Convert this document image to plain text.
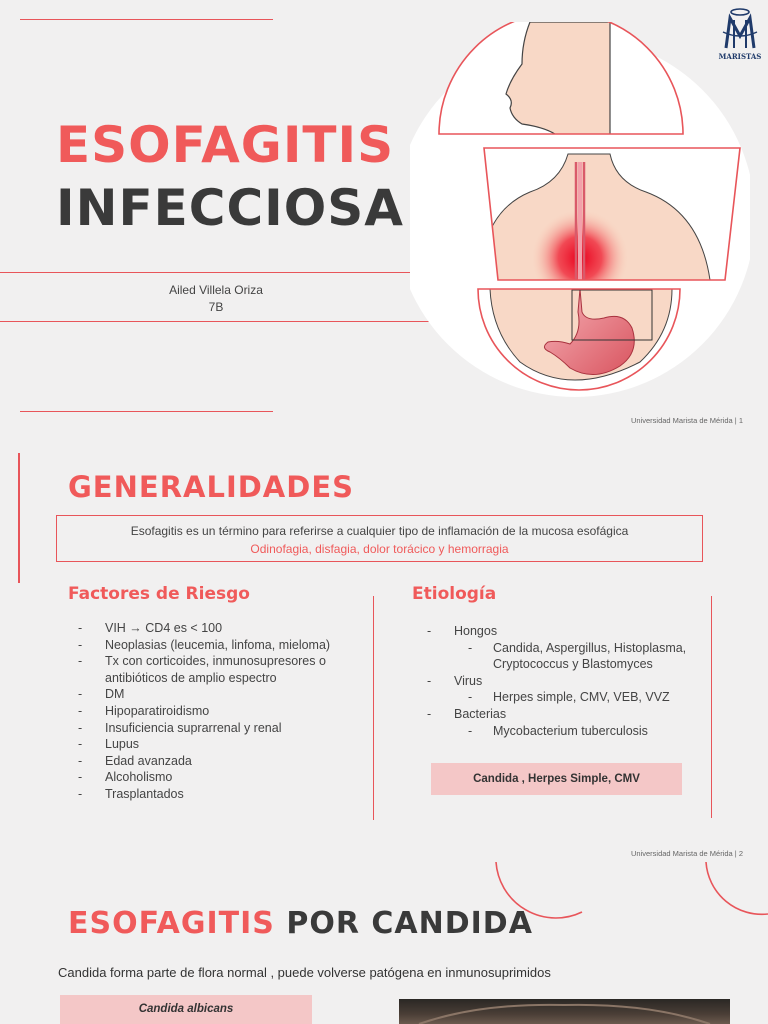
ESOFAGITIS
INFECCIOSA
Ailed Villela Oriza
7B
MARISTAS
Universidad Marista de Mérida | 1
GENERALIDADES
Esofagitis es un término para referirse a cualquier tipo de inflamación de la mucosa esofágica
Odinofagia, disfagia, dolor torácico y hemorragia
Factores de Riesgo
- VIH → CD4 es < 100
- Neoplasias (leucemia, linfoma, mieloma)
- Tx con corticoides, inmunosupresores o antibióticos de amplio espectro
- DM
- Hipoparatiroidismo
- Insuficiencia suprarrenal y renal
- Lupus
- Edad avanzada
- Alcoholismo
- Trasplantados
Etiología
- Hongos
- Candida, Aspergillus, Histoplasma, Cryptococcus y Blastomyces
- Virus
- Herpes simple, CMV, VEB, VVZ
- Bacterias
- Mycobacterium tuberculosis
Candida , Herpes Simple, CMV
Universidad Marista de Mérida | 2
ESOFAGITIS POR CANDIDA
Candida forma parte de flora normal , puede volverse patógena en inmunosuprimidos
Candida albicans
